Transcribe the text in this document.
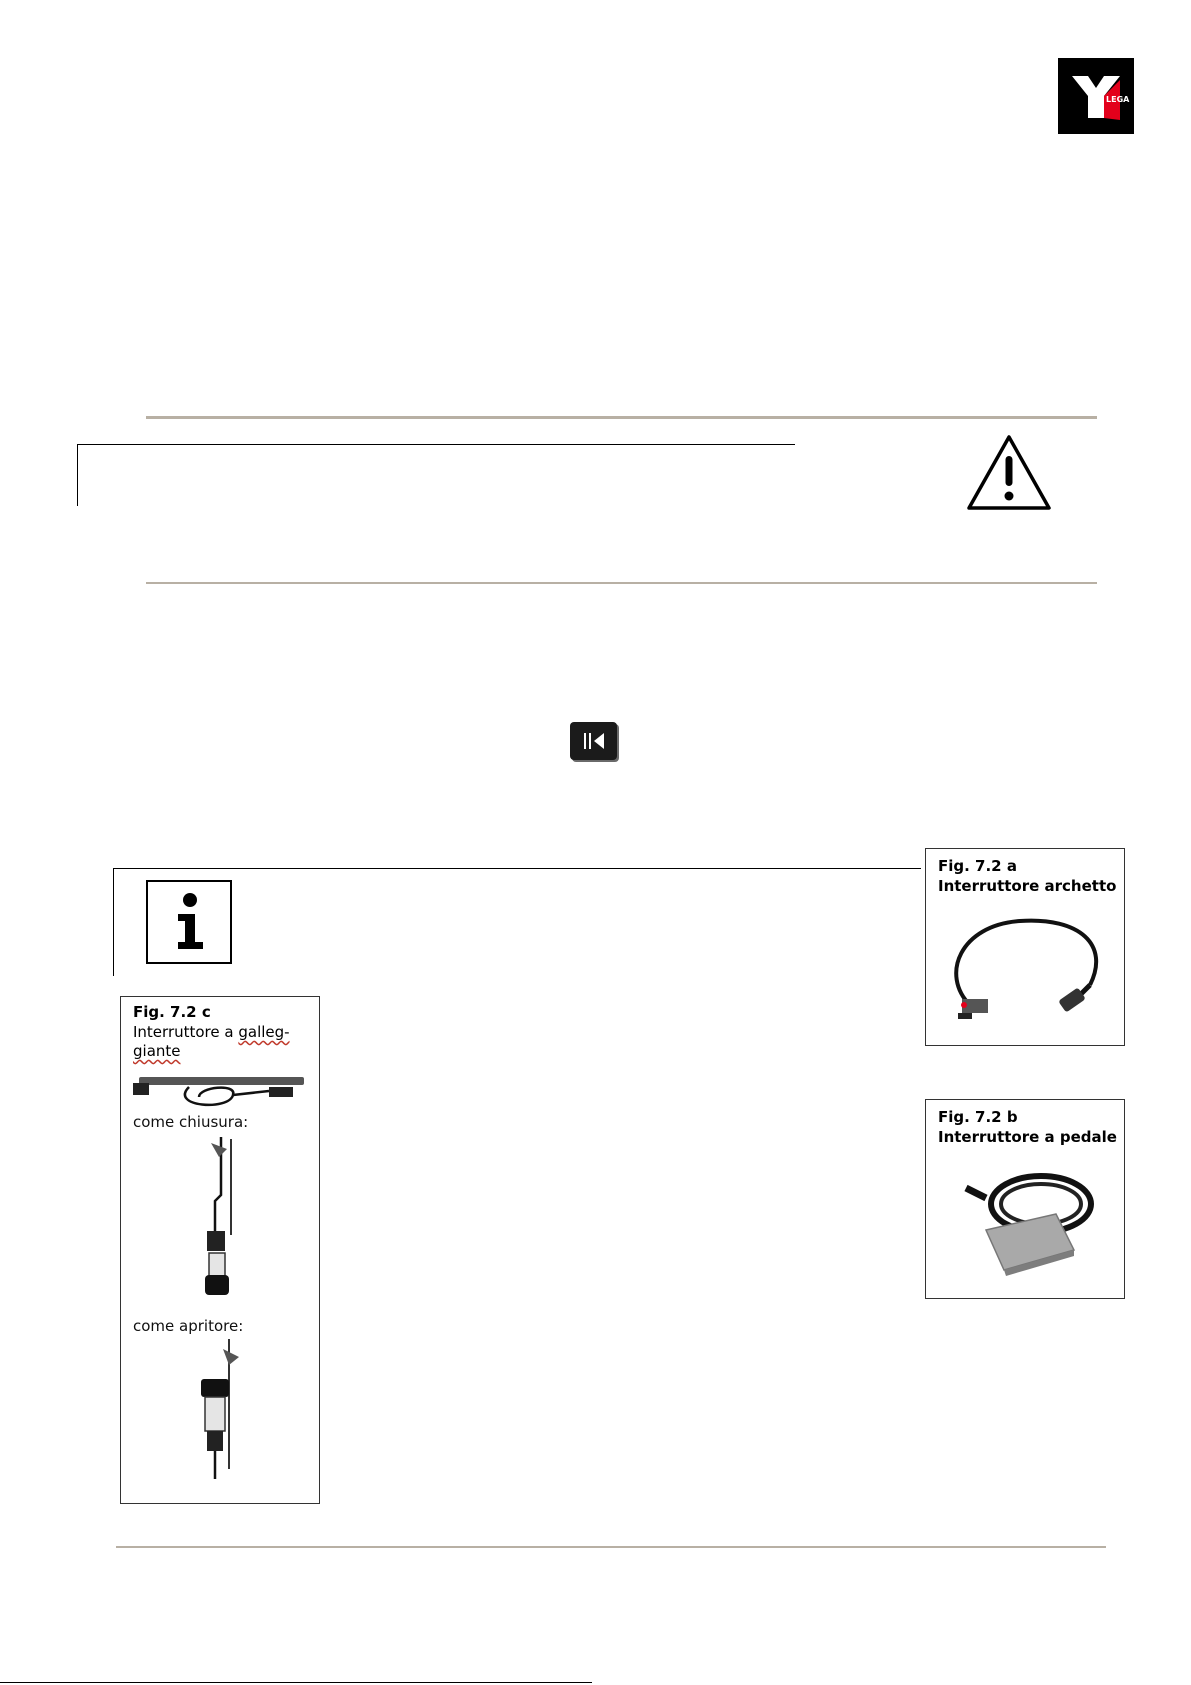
LEGA
Fig. 7.2 a
Interruttore archetto
Fig. 7.2 b
Interruttore a pedale
Fig. 7.2 c
Interruttore a galleg-
giante
come chiusura:
come apritore:
